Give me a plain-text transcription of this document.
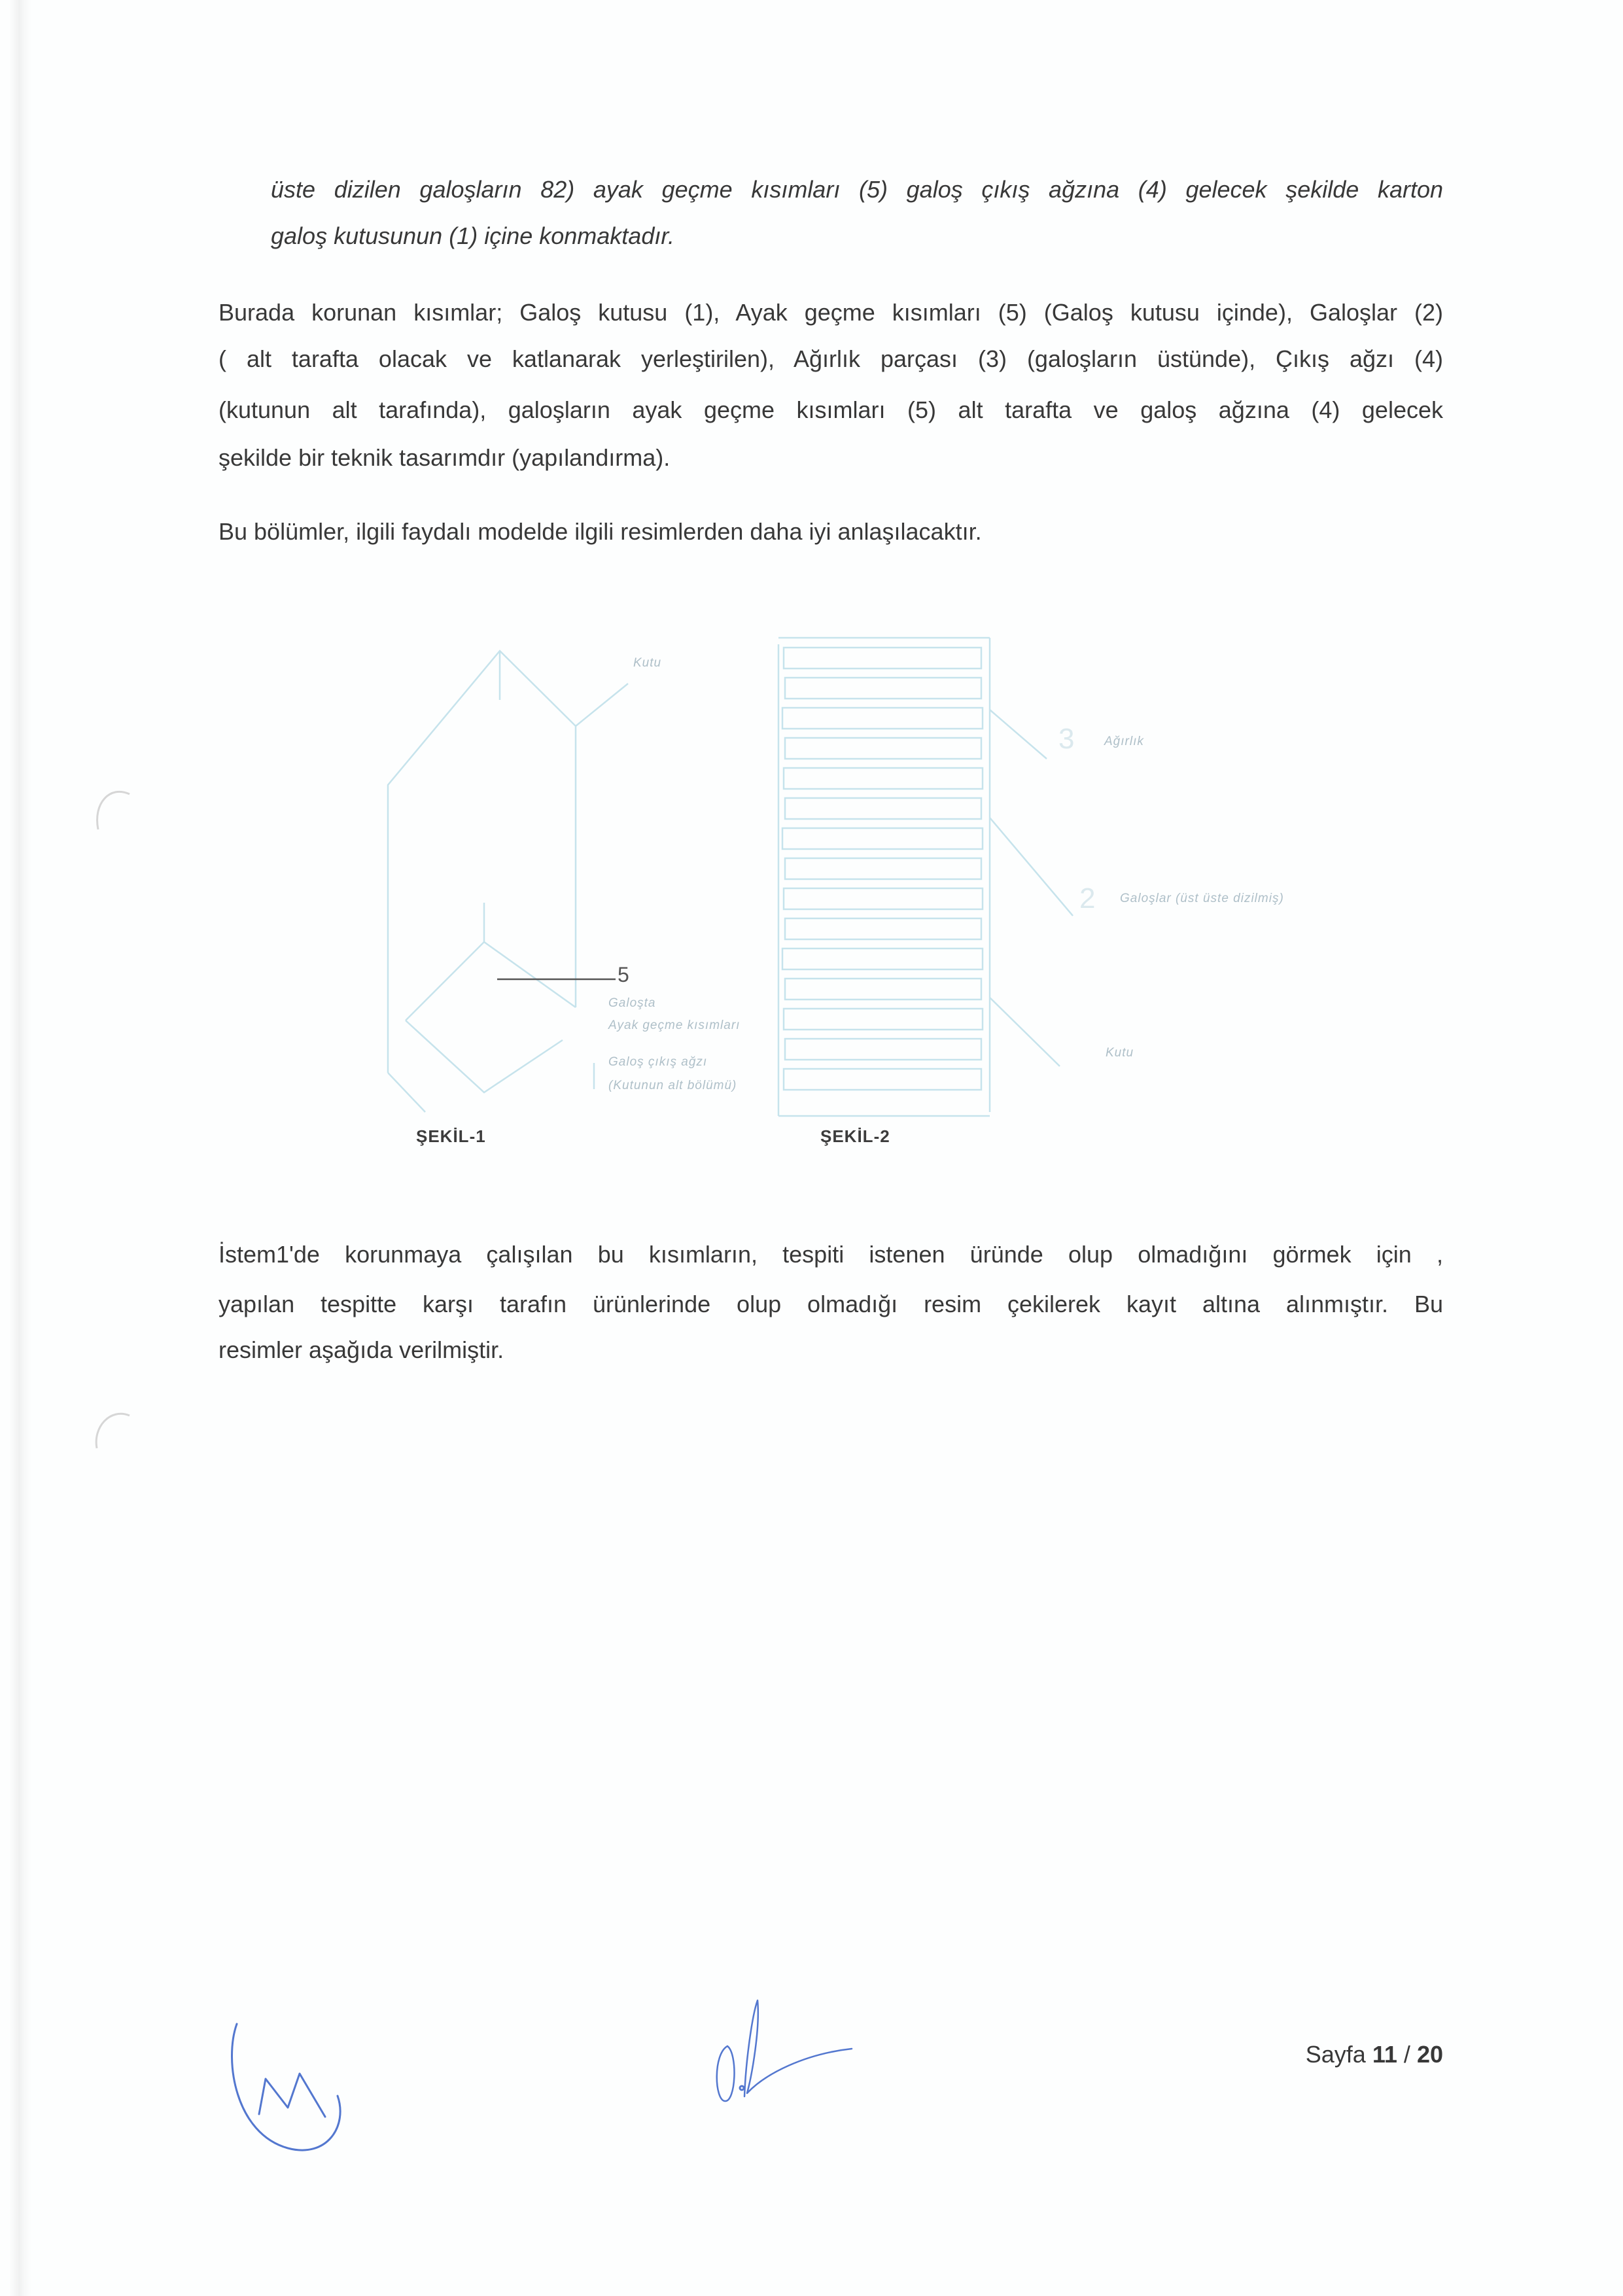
üste dizilen galoşların 82) ayak geçme kısımları (5) galoş çıkış ağzına (4) gelecek şekilde karton
galoş kutusunun (1) içine konmaktadır.
Burada korunan kısımlar; Galoş kutusu (1), Ayak geçme kısımları (5) (Galoş kutusu içinde), Galoşlar (2)
( alt tarafta olacak ve katlanarak yerleştirilen), Ağırlık parçası (3) (galoşların üstünde), Çıkış ağzı (4)
(kutunun alt tarafında), galoşların ayak geçme kısımları (5) alt tarafta ve galoş ağzına (4) gelecek
şekilde bir teknik tasarımdır (yapılandırma).
Bu bölümler, ilgili faydalı modelde ilgili resimlerden daha iyi anlaşılacaktır.
Kutu
5
Galoşta
Ayak geçme kısımları
Galoş çıkış ağzı
(Kutunun alt bölümü)
3 Ağırlık
2 Galoşlar (üst üste dizilmiş)
Kutu
ŞEKİL-1	ŞEKİL-2
İstem1'de korunmaya çalışılan bu kısımların, tespiti istenen üründe olup olmadığını görmek için ,
yapılan tespitte karşı tarafın ürünlerinde olup olmadığı resim çekilerek kayıt altına alınmıştır. Bu
resimler aşağıda verilmiştir.
Sayfa 11 / 20
